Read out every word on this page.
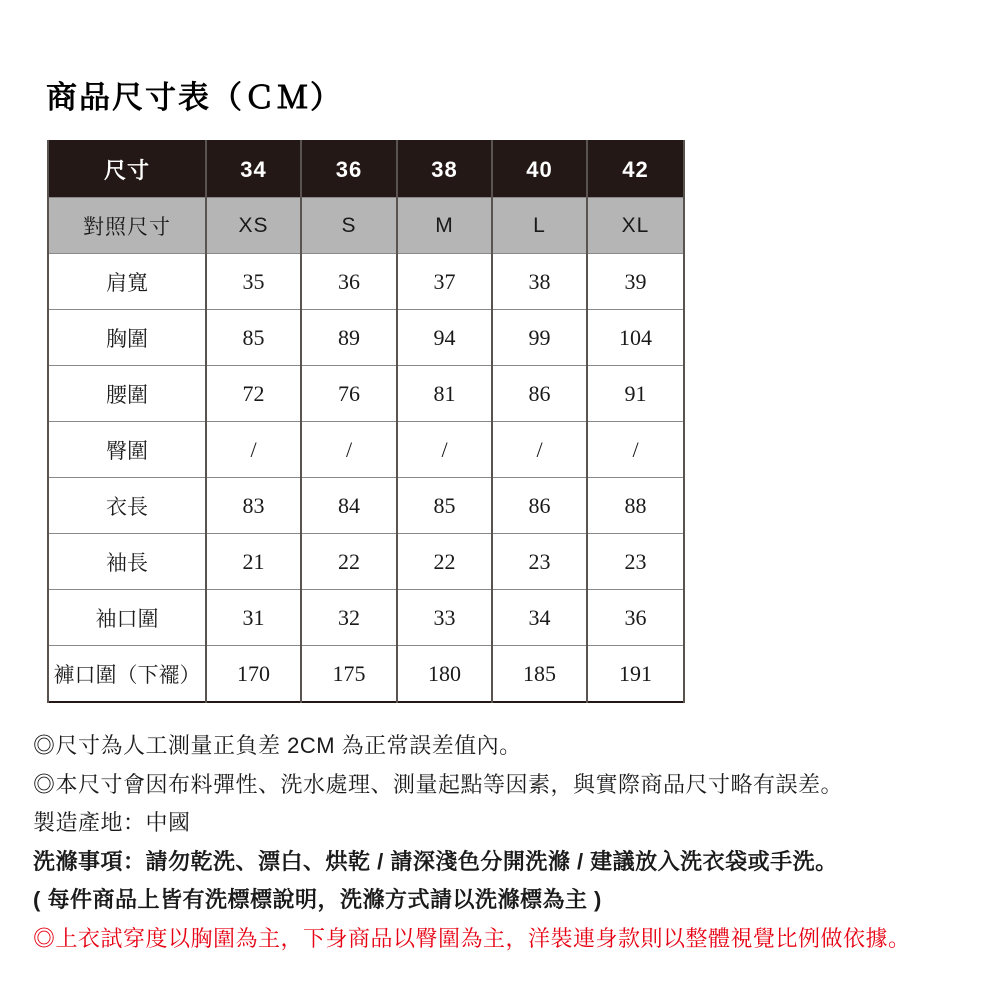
商品尺寸表（ＣＭ）
尺寸	34	36	38	40	42
對照尺寸	XS	S	M	L	XL
肩寬	35	36	37	38	39
胸圍	85	89	94	99	104
腰圍	72	76	81	86	91
臀圍	/	/	/	/	/
衣長	83	84	85	86	88
袖長	21	22	22	23	23
袖口圍	31	32	33	34	36
褲口圍（下襬）	170	175	180	185	191

◎尺寸為人工測量正負差 2CM 為正常誤差值內。

◎本尺寸會因布料彈性、洗水處理、測量起點等因素，與實際商品尺寸略有誤差。

製造產地：中國

洗滌事項：請勿乾洗、漂白、烘乾 / 請深淺色分開洗滌 / 建議放入洗衣袋或手洗。

( 每件商品上皆有洗標標說明，洗滌方式請以洗滌標為主 )

◎上衣試穿度以胸圍為主，下身商品以臀圍為主，洋裝連身款則以整體視覺比例做依據。
